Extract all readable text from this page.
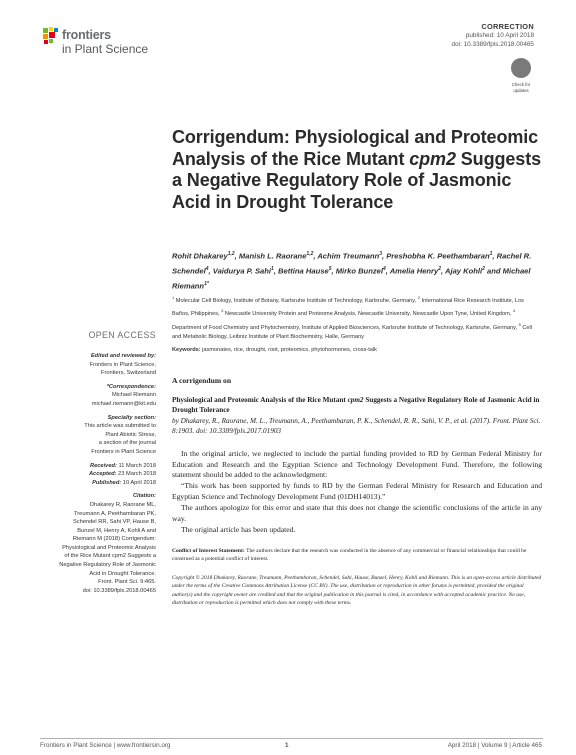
frontiers
in Plant Science
CORRECTION
published: 10 April 2018
doi: 10.3389/fpls.2018.00465
Check for
updates
Corrigendum: Physiological and Proteomic Analysis of the Rice Mutant cpm2 Suggests a Negative Regulatory Role of Jasmonic Acid in Drought Tolerance
Rohit Dhakarey$^{1,2}$, Manish L. Raorane$^{1,2}$, Achim Treumann$^3$, Preshobha K. Peethambaran$^1$, Rachel R. Schendel$^4$, Vaidurya P. Sahi$^1$, Bettina Hause$^5$, Mirko Bunzel$^4$, Amelia Henry$^2$, Ajay Kohli$^2$ and Michael Riemann$^{1*}$
$^1$ Molecular Cell Biology, Institute of Botany, Karlsruhe Institute of Technology, Karlsruhe, Germany, $^2$ International Rice Research Institute, Los Baños, Philippines, $^3$ Newcastle University Protein and Proteome Analysis, Newcastle University, Newcastle Upon Tyne, United Kingdom, $^4$ Department of Food Chemistry and Phytochemistry, Institute of Applied Biosciences, Karlsruhe Institute of Technology, Karlsruhe, Germany, $^5$ Cell and Metabolic Biology, Leibniz Institute of Plant Biochemistry, Halle, Germany
Keywords: jasmonates, rice, drought, root, proteomics, phytohormones, cross-talk
OPEN ACCESS
Edited and reviewed by:
Frontiers in Plant Science,
Frontiers, Switzerland
*Correspondence:
Michael Riemann
michael.riemann@kit.edu
Specialty section:
This article was submitted to
Plant Abiotic Stress,
a section of the journal
Frontiers in Plant Science
Received: 11 March 2018
Accepted: 23 March 2018
Published: 10 April 2018
Citation:
Dhakarey R, Raorane ML,
Treumann A, Peethambaran PK,
Schendel RR, Sahi VP, Hause B,
Bunzel M, Henry A, Kohli A and
Riemann M (2018) Corrigendum:
Physiological and Proteomic Analysis
of the Rice Mutant cpm2 Suggests a
Negative Regulatory Role of Jasmonic
Acid in Drought Tolerance.
Front. Plant Sci. 9:465.
doi: 10.3389/fpls.2018.00465
A corrigendum on
Physiological and Proteomic Analysis of the Rice Mutant cpm2 Suggests a Negative Regulatory Role of Jasmonic Acid in Drought Tolerance
by Dhakarey, R., Raorane, M. L., Treumann, A., Peethambaran, P. K., Schendel, R. R., Sahi, V. P., et al. (2017). Front. Plant Sci. 8:1903. doi: 10.3389/fpls.2017.01903

In the original article, we neglected to include the partial funding provided to RD by German Federal Ministry for Education and Research and the Egyptian Science and Technology Development Fund. Therefore, the following statement should be added to the acknowledgment:

“This work has been supported by funds to RD by the German Federal Ministry for Research and Education and Egyptian Science and Technology Development Fund (01DH14013).”

The authors apologize for this error and state that this does not change the scientific conclusions of the article in any way.

The original article has been updated.

Conflict of Interest Statement: The authors declare that the research was conducted in the absence of any commercial or financial relationships that could be construed as a potential conflict of interest.
Copyright © 2018 Dhakarey, Raorane, Treumann, Peethambaran, Schendel, Sahi, Hause, Bunzel, Henry, Kohli and Riemann. This is an open-access article distributed under the terms of the Creative Commons Attribution License (CC BY). The use, distribution or reproduction in other forums is permitted, provided the original author(s) and the copyright owner are credited and that the original publication in this journal is cited, in accordance with accepted academic practice. No use, distribution or reproduction is permitted which does not comply with these terms.
Frontiers in Plant Science | www.frontiersin.org	1	April 2018 | Volume 9 | Article 465
